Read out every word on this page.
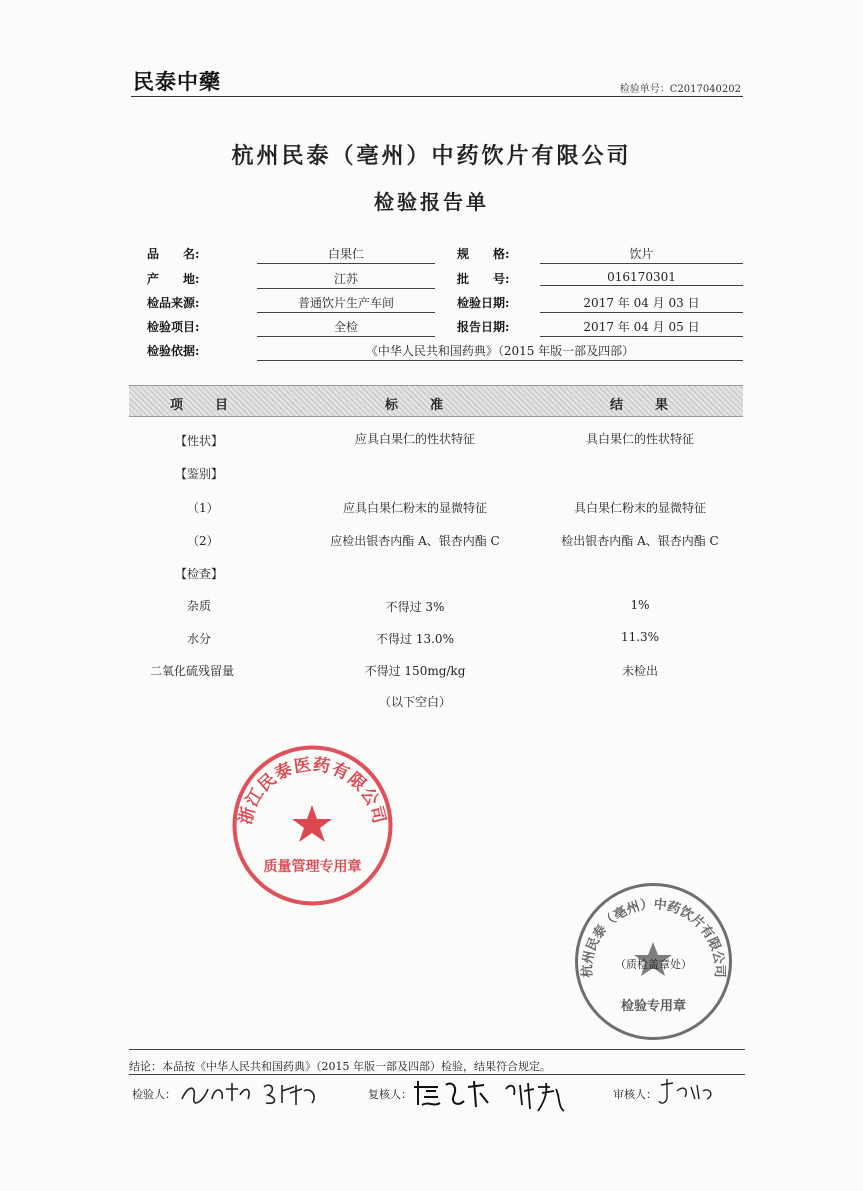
民泰中藥	检验单号：C2017040202
杭州民泰（亳州）中药饮片有限公司
检验报告单
品　　名:	白果仁	规　　格:	饮片
产　　地:	江苏	批　　号:	016170301
检品来源:	普通饮片生产车间	检验日期:	2017 年 04 月 03 日
检验项目:	全检	报告日期:	2017 年 04 月 05 日
检验依据:	《中华人民共和国药典》（2015 年版一部及四部）
项　　目	标　　准	结　　果
【性状】	应具白果仁的性状特征	具白果仁的性状特征
【鉴别】
（1）	应具白果仁粉末的显微特征	具白果仁粉末的显微特征
（2）	应检出银杏内酯 A、银杏内酯 C	检出银杏内酯 A、银杏内酯 C
【检查】
杂质	不得过 3%	1%
水分	不得过 13.0%	11.3%
二氧化硫残留量	不得过 150mg/kg	未检出
（以下空白）
浙江民泰医药有限公司
质量管理专用章
杭州民泰（亳州）中药饮片有限公司
（质检盖章处）
检验专用章
结论：本品按《中华人民共和国药典》（2015 年版一部及四部）检验，结果符合规定。
检验人：	复核人：	审核人：
